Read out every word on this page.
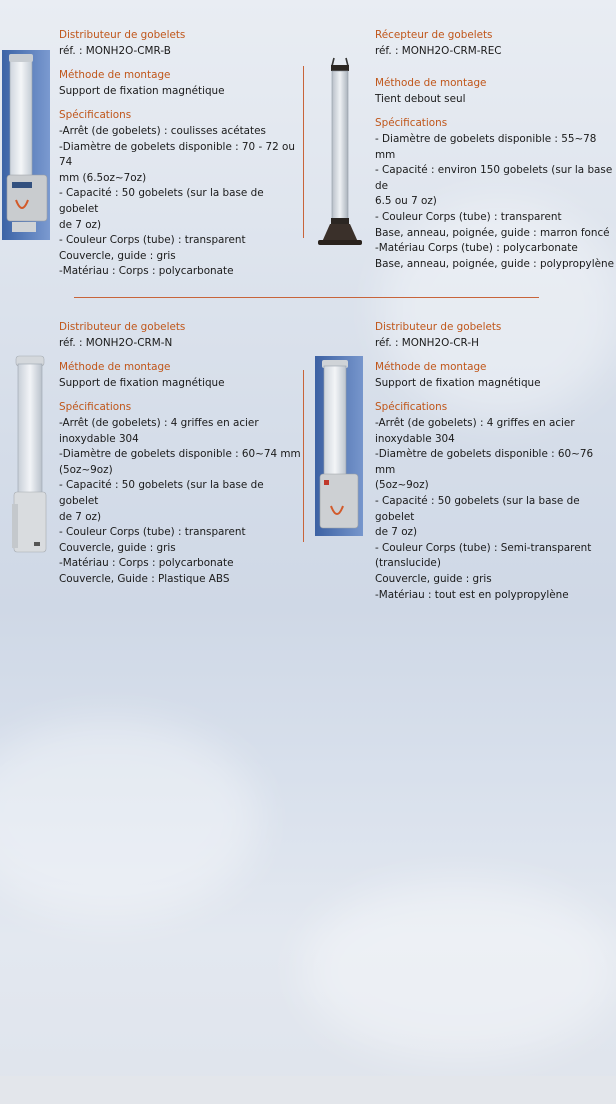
Distributeur de gobelets
réf. : MONH2O-CMR-B
Méthode de montage
Support de fixation magnétique
Spécifications
-Arrêt (de gobelets) : coulisses acétates
-Diamètre de gobelets disponible : 70 - 72 ou 74
mm (6.5oz~7oz)
- Capacité : 50 gobelets (sur la base de gobelet
de 7 oz)
- Couleur Corps (tube) : transparent
Couvercle, guide : gris
-Matériau : Corps : polycarbonate
Récepteur de gobelets
réf. : MONH2O-CRM-REC
Méthode de montage
Tient debout seul
Spécifications
- Diamètre de gobelets disponible : 55~78 mm
- Capacité : environ 150 gobelets (sur la base de
6.5 ou 7 oz)
- Couleur Corps (tube) : transparent
Base, anneau, poignée, guide : marron foncé
-Matériau Corps (tube) : polycarbonate
Base, anneau, poignée, guide : polypropylène
Distributeur de gobelets
réf. : MONH2O-CRM-N
Méthode de montage
Support de fixation magnétique
Spécifications
-Arrêt (de gobelets) : 4 griffes en acier
inoxydable 304
-Diamètre de gobelets disponible : 60~74 mm
(5oz~9oz)
- Capacité : 50 gobelets (sur la base de gobelet
de 7 oz)
- Couleur Corps (tube) : transparent
Couvercle, guide : gris
-Matériau : Corps : polycarbonate
Couvercle, Guide : Plastique ABS
Distributeur de gobelets
réf. : MONH2O-CR-H
Méthode de montage
Support de fixation magnétique
Spécifications
-Arrêt (de gobelets) : 4 griffes en acier
inoxydable 304
-Diamètre de gobelets disponible : 60~76 mm
(5oz~9oz)
- Capacité : 50 gobelets (sur la base de gobelet
de 7 oz)
- Couleur Corps (tube) : Semi-transparent
(translucide)
Couvercle, guide : gris
-Matériau : tout est en polypropylène
